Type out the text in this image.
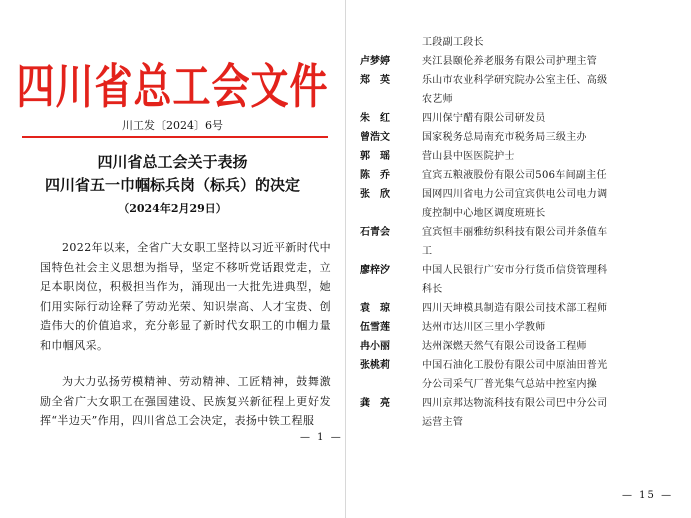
四川省总工会文件
川工发〔2024〕6号
四川省总工会关于表扬
四川省五一巾帼标兵岗（标兵）的决定
（2024年2月29日）

2022年以来，全省广大女职工坚持以习近平新时代中国特色社会主义思想为指导，坚定不移听党话跟党走，立足本职岗位，积极担当作为，涌现出一大批先进典型，她们用实际行动诠释了劳动光荣、知识崇高、人才宝贵、创造伟大的价值追求，充分彰显了新时代女职工的巾帼力量和巾帼风采。

为大力弘扬劳模精神、劳动精神、工匠精神，鼓舞激励全省广大女职工在强国建设、民族复兴新征程上更好发挥“半边天”作用，四川省总工会决定，表扬中铁工程服

— 1 —
工段副工段长
卢梦婷	夹江县颐伦养老服务有限公司护理主管
郑　英	乐山市农业科学研究院办公室主任、高级
农艺师
朱　红	四川保宁醋有限公司研发员
曾浩文	国家税务总局南充市税务局三级主办
郭　瑶	营山县中医医院护士
陈　乔	宜宾五粮液股份有限公司506车间副主任
张　欣	国网四川省电力公司宜宾供电公司电力调
度控制中心地区调度班班长
石青会	宜宾恒丰丽雅纺织科技有限公司并条值车
工
廖梓汐	中国人民银行广安市分行货币信贷管理科
科长
袁　琼	四川天坤模具制造有限公司技术部工程师
伍雪莲	达州市达川区三里小学教师
冉小丽	达州深燃天然气有限公司设备工程师
张桃莉	中国石油化工股份有限公司中原油田普光
分公司采气厂普光集气总站中控室内操
龚　亮	四川京邦达物流科技有限公司巴中分公司
运营主管
— 15 —
